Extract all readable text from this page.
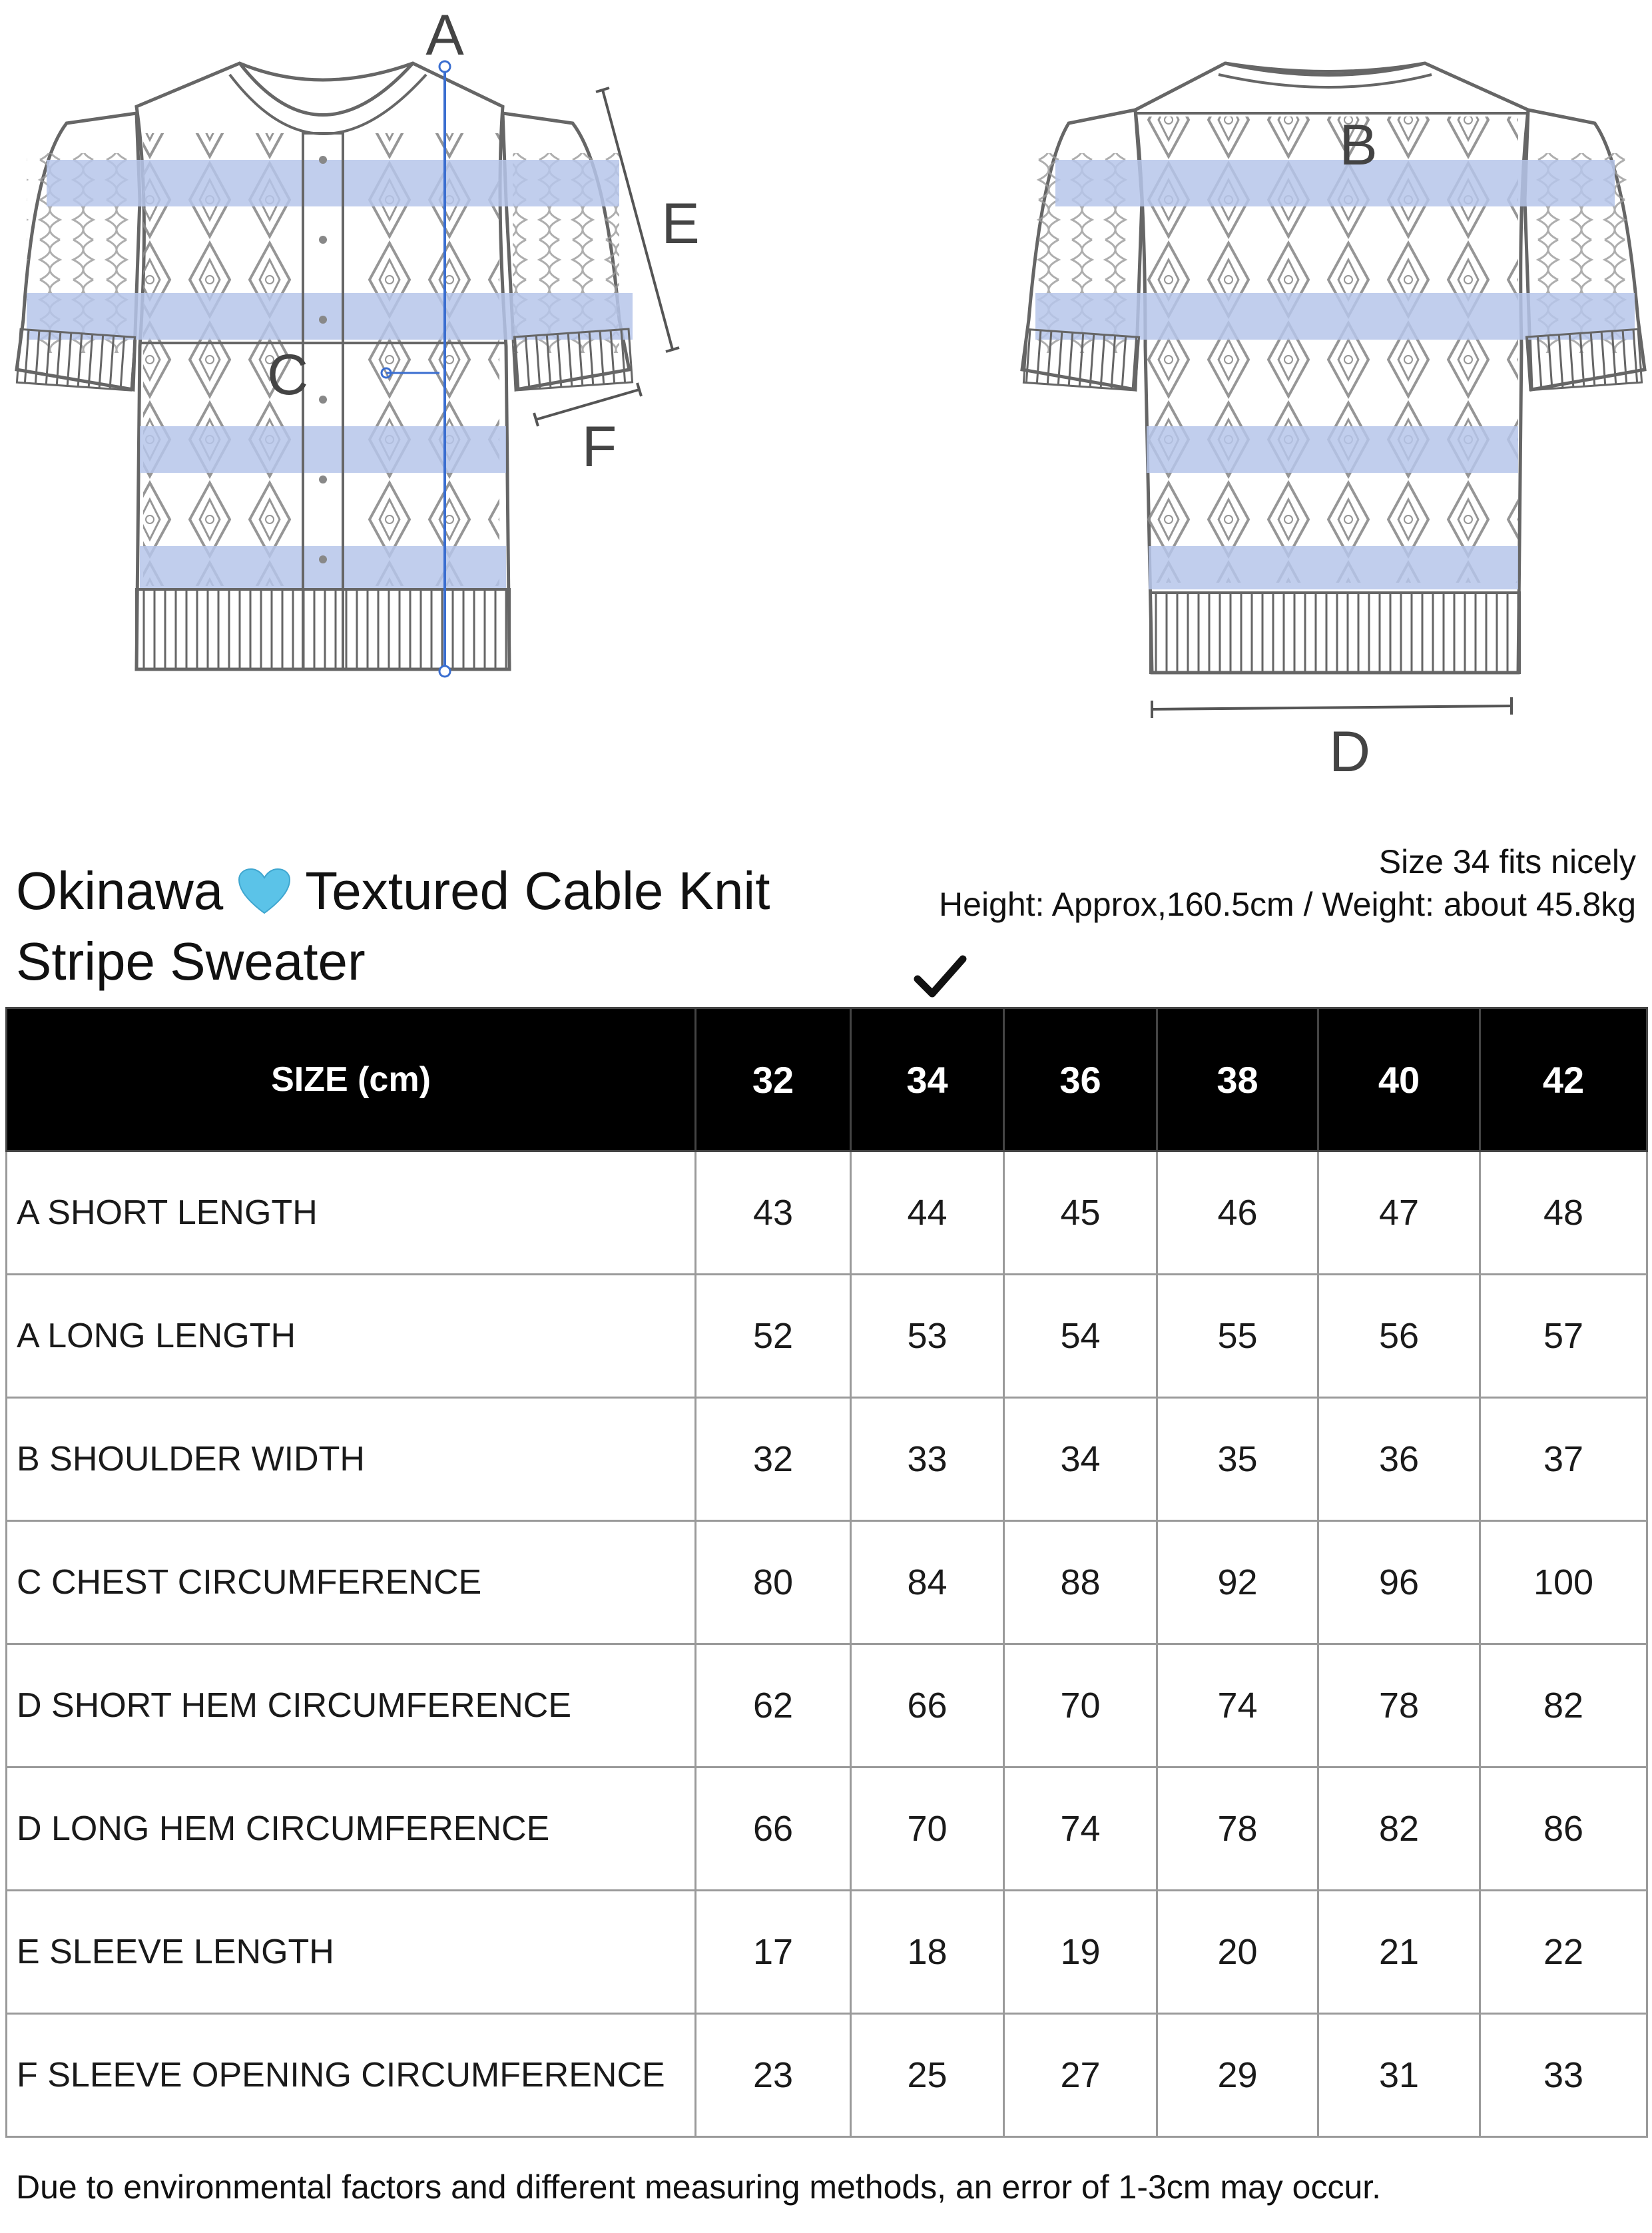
A
B
C
D
E
F
Okinawa Textured Cable Knit
Stripe Sweater
Size 34 fits nicely
Height: Approx,160.5cm / Weight: about 45.8kg
SIZE (cm)	32	34	36	38	40	42
A SHORT LENGTH	43	44	45	46	47	48
A LONG LENGTH	52	53	54	55	56	57
B SHOULDER WIDTH	32	33	34	35	36	37
C CHEST CIRCUMFERENCE	80	84	88	92	96	100
D SHORT HEM CIRCUMFERENCE	62	66	70	74	78	82
D LONG HEM CIRCUMFERENCE	66	70	74	78	82	86
E SLEEVE LENGTH	17	18	19	20	21	22
F SLEEVE OPENING CIRCUMFERENCE	23	25	27	29	31	33
Due to environmental factors and different measuring methods, an error of 1-3cm may occur.
